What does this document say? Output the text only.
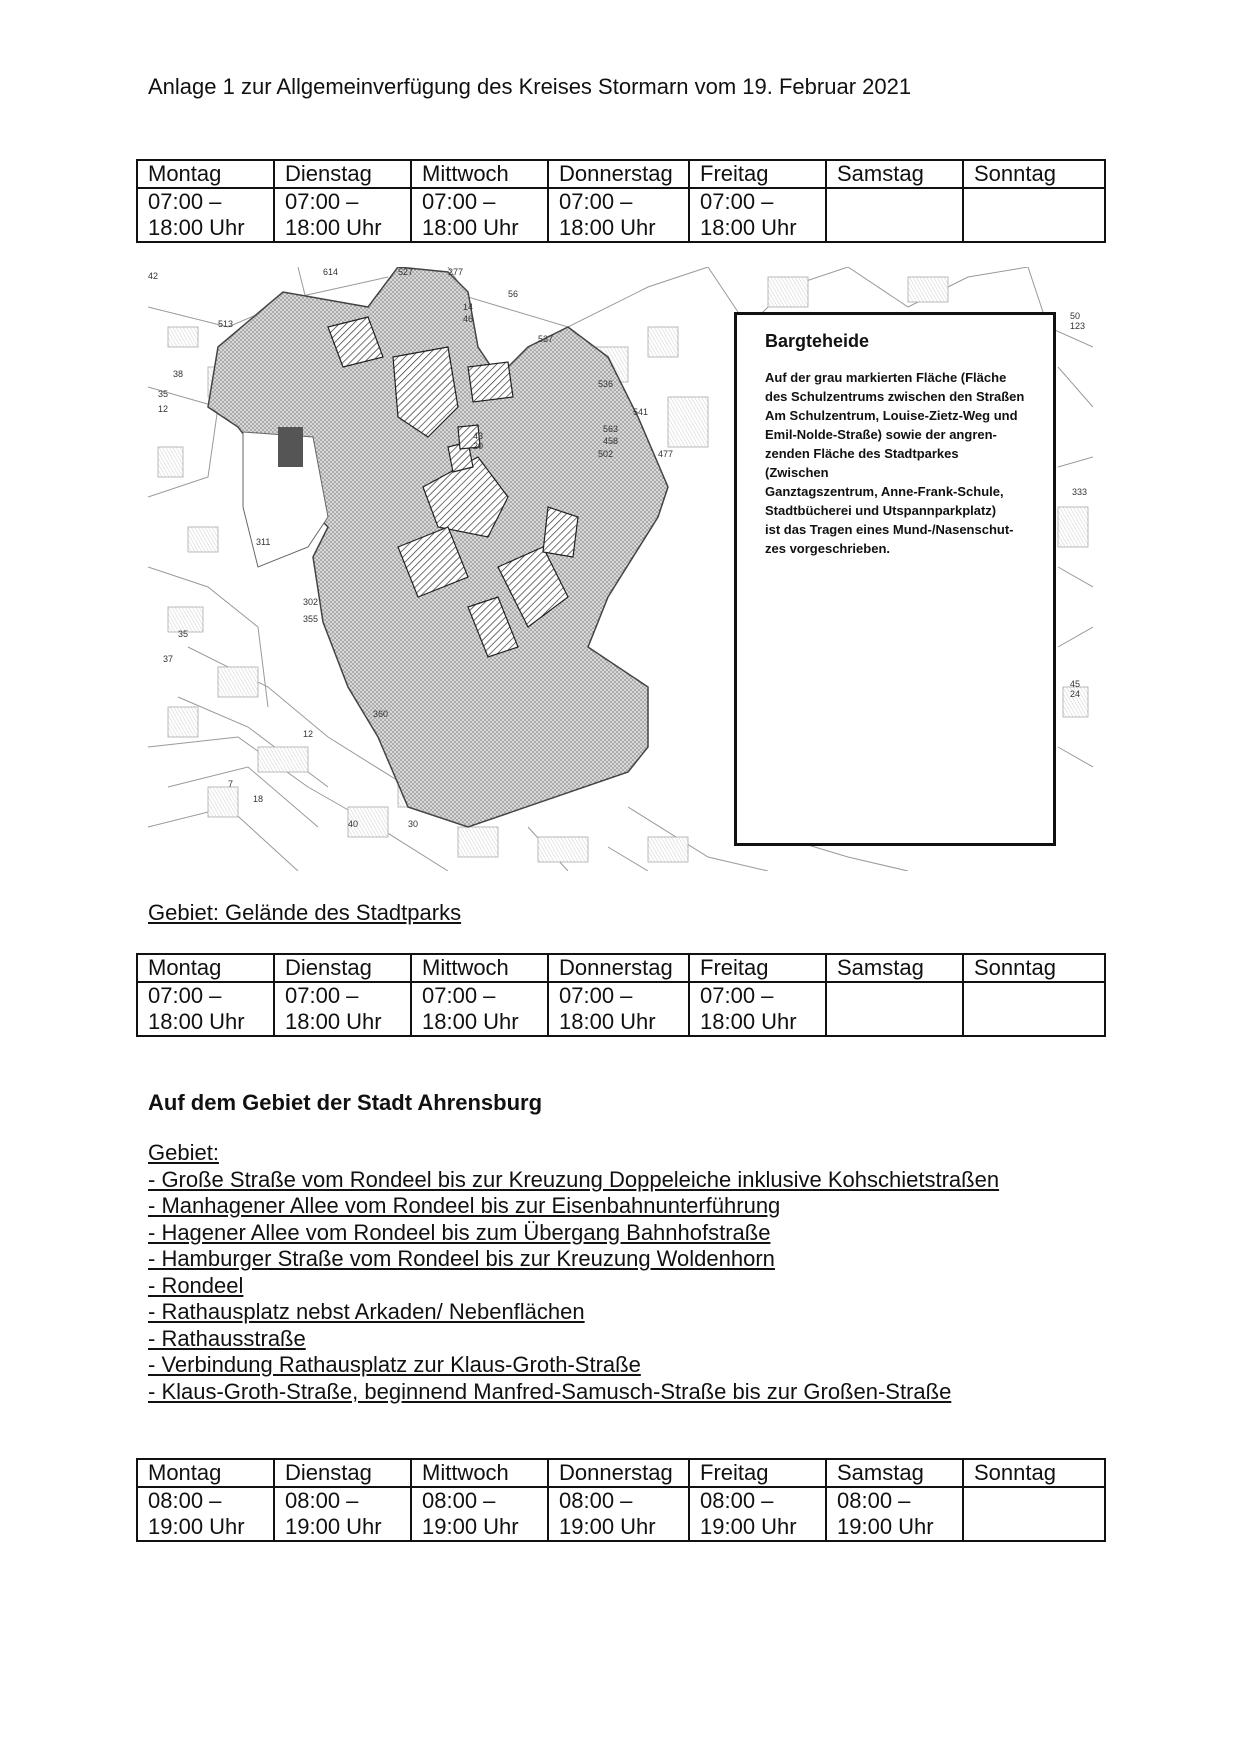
Anlage 1 zur Allgemeinverfügung des Kreises Stormarn vom 19. Februar 2021
Montag	Dienstag	Mittwoch	Donnerstag	Freitag	Samstag	Sonntag
07:00 –
18:00 Uhr	07:00 –
18:00 Uhr	07:00 –
18:00 Uhr	07:00 –
18:00 Uhr	07:00 –
18:00 Uhr	

42	527	277
614
513
35
12
38
537
536
541
563
458
502	477
43
20
311
302
355
360
50
123
333
45
24
56
14
46
7
18
40
12
35
37
30
Bargteheide
Auf der grau markierten Fläche (Fläche
des Schulzentrums zwischen den Straßen
Am Schulzentrum, Louise-Zietz-Weg und
Emil-Nolde-Straße) sowie der angren-
zenden Fläche des Stadtparkes (Zwischen
Ganztagszentrum, Anne-Frank-Schule,
Stadtbücherei und Utspannparkplatz)
ist das Tragen eines Mund-/Nasenschut-
zes vorgeschrieben.
Gebiet: Gelände des Stadtparks
Montag	Dienstag	Mittwoch	Donnerstag	Freitag	Samstag	Sonntag
07:00 –
18:00 Uhr	07:00 –
18:00 Uhr	07:00 –
18:00 Uhr	07:00 –
18:00 Uhr	07:00 –
18:00 Uhr	

Auf dem Gebiet der Stadt Ahrensburg
Gebiet:
- Große Straße vom Rondeel bis zur Kreuzung Doppeleiche inklusive Kohschietstraßen
- Manhagener Allee vom Rondeel bis zur Eisenbahnunterführung
- Hagener Allee vom Rondeel bis zum Übergang Bahnhofstraße
- Hamburger Straße vom Rondeel bis zur Kreuzung Woldenhorn
- Rondeel
- Rathausplatz nebst Arkaden/ Nebenflächen
- Rathausstraße
- Verbindung Rathausplatz zur Klaus-Groth-Straße
- Klaus-Groth-Straße, beginnend Manfred-Samusch-Straße bis zur Großen-Straße
Montag	Dienstag	Mittwoch	Donnerstag	Freitag	Samstag	Sonntag
08:00 –
19:00 Uhr	08:00 –
19:00 Uhr	08:00 –
19:00 Uhr	08:00 –
19:00 Uhr	08:00 –
19:00 Uhr	08:00 –
19:00 Uhr	
